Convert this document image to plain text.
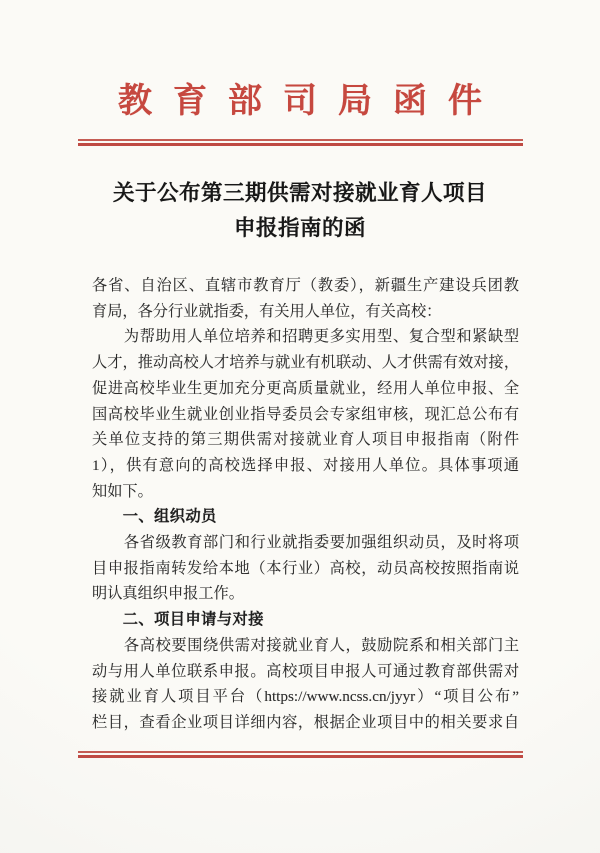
教育部司局函件
关于公布第三期供需对接就业育人项目
申报指南的函
各省、自治区、直辖市教育厅（教委），新疆生产建设兵团教
育局，各分行业就指委，有关用人单位，有关高校：
为帮助用人单位培养和招聘更多实用型、复合型和紧缺型
人才，推动高校人才培养与就业有机联动、人才供需有效对接，
促进高校毕业生更加充分更高质量就业，经用人单位申报、全
国高校毕业生就业创业指导委员会专家组审核，现汇总公布有
关单位支持的第三期供需对接就业育人项目申报指南（附件
1），供有意向的高校选择申报、对接用人单位。具体事项通
知如下。
一、组织动员
各省级教育部门和行业就指委要加强组织动员，及时将项
目申报指南转发给本地（本行业）高校，动员高校按照指南说
明认真组织申报工作。
二、项目申请与对接
各高校要围绕供需对接就业育人，鼓励院系和相关部门主
动与用人单位联系申报。高校项目申报人可通过教育部供需对
接就业育人项目平台（https://www.ncss.cn/jyyr）“项目公布”
栏目，查看企业项目详细内容，根据企业项目中的相关要求自
